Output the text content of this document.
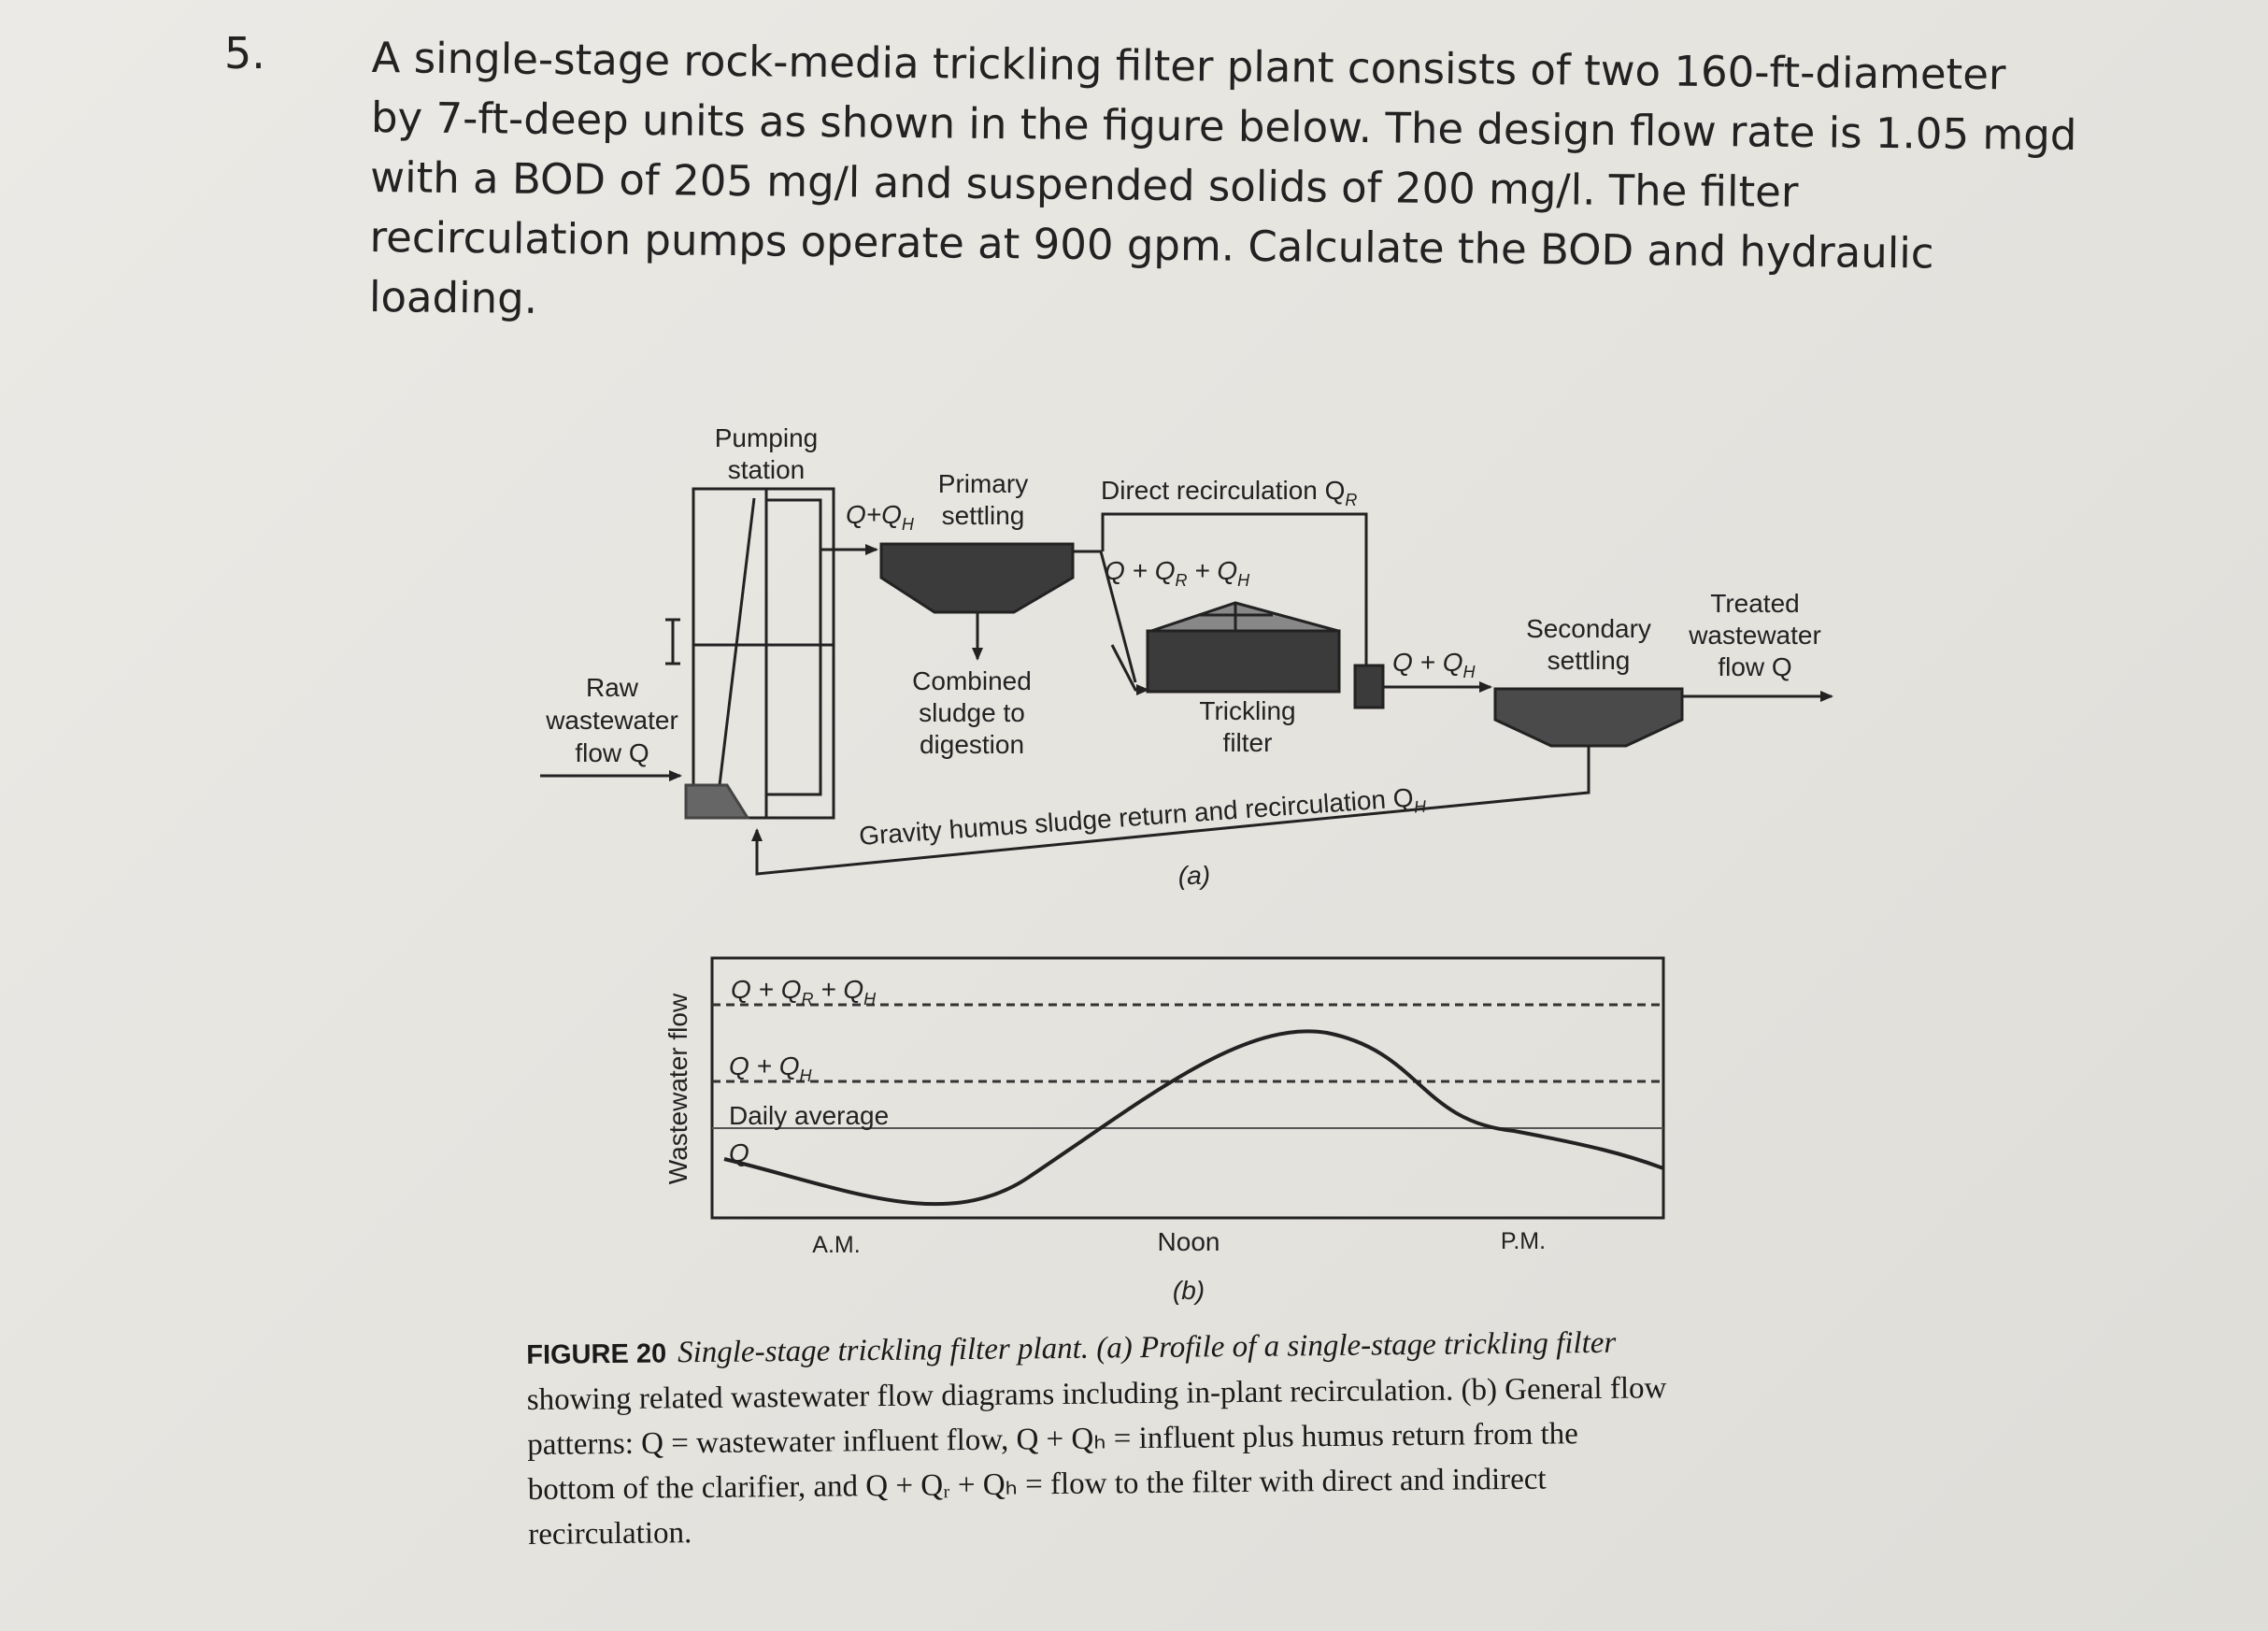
5.	A single-stage rock-media trickling filter plant consists of two 160-ft-diameter
by 7-ft-deep units as shown in the figure below. The design flow rate is 1.05 mgd
with a BOD of 205 mg/l and suspended solids of 200 mg/l. The filter
recirculation pumps operate at 900 gpm. Calculate the BOD and hydraulic
loading.
Pumping
station
Raw
wastewater
flow Q
$Q+Q_H$
Primary
settling
Direct recirculation $Q_R$
$Q + Q_R + Q_H$
Combined
sludge to
digestion
Trickling
filter
$Q + Q_H$
Secondary
settling
Treated
wastewater
flow Q
Gravity humus sludge return and recirculation $Q_H$
(a)
Wastewater flow
$Q + Q_R + Q_H$
$Q + Q_H$
Daily average
Q
A.M.	Noon	P.M.
(b)
FIGURE 20 Single-stage trickling filter plant. (a) Profile of a single-stage trickling filter
showing related wastewater flow diagrams including in-plant recirculation. (b) General flow
patterns: Q = wastewater influent flow, Q + Qₕ = influent plus humus return from the
bottom of the clarifier, and Q + Qᵣ + Qₕ = flow to the filter with direct and indirect
recirculation.
